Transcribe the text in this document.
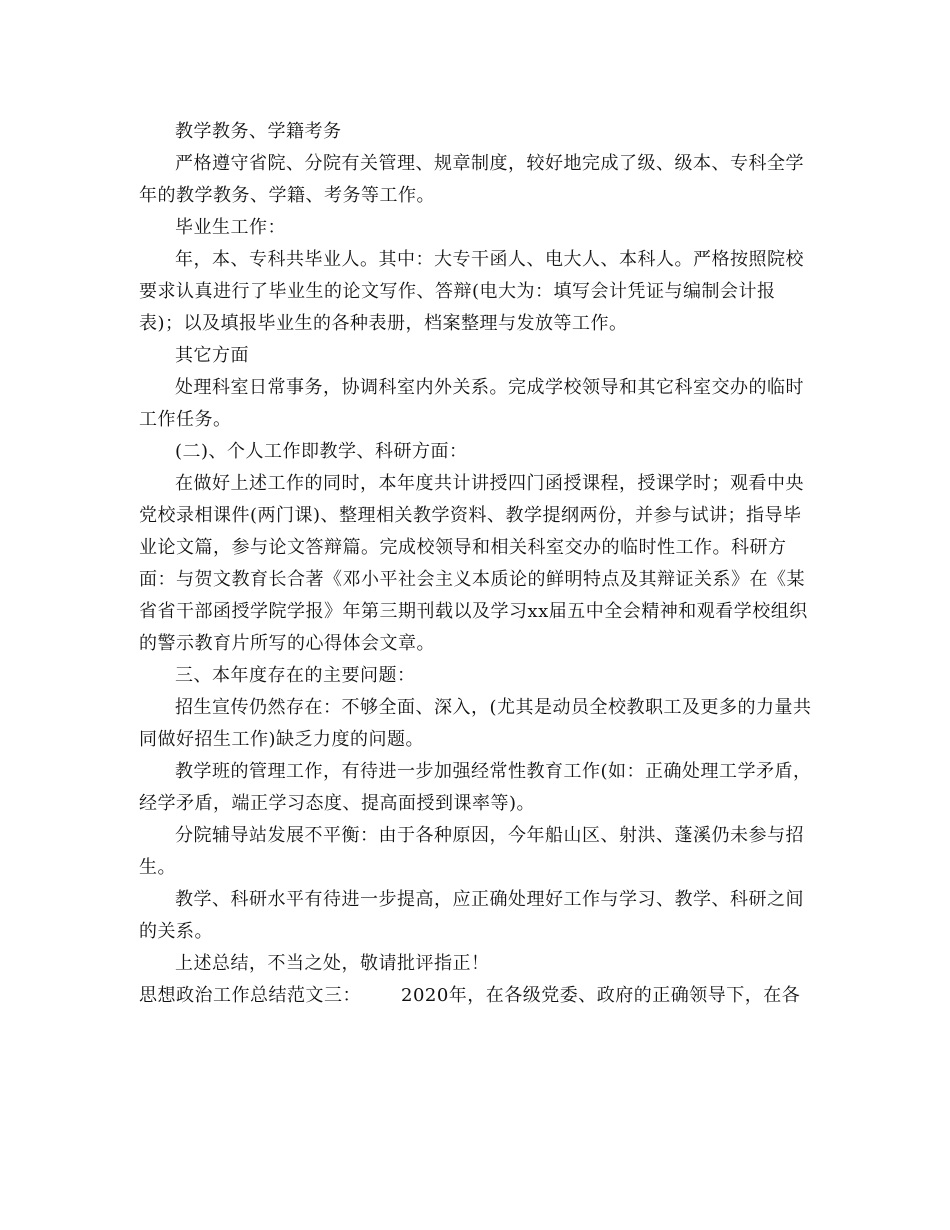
教学教务、学籍考务

严格遵守省院、分院有关管理、规章制度，较好地完成了级、级本、专科全学年的教学教务、学籍、考务等工作。

毕业生工作：

年，本、专科共毕业人。其中：大专干函人、电大人、本科人。严格按照院校要求认真进行了毕业生的论文写作、答辩(电大为：填写会计凭证与编制会计报表)；以及填报毕业生的各种表册，档案整理与发放等工作。

其它方面

处理科室日常事务，协调科室内外关系。完成学校领导和其它科室交办的临时工作任务。

(二)、个人工作即教学、科研方面：

在做好上述工作的同时，本年度共计讲授四门函授课程，授课学时；观看中央党校录相课件(两门课)、整理相关教学资料、教学提纲两份，并参与试讲；指导毕业论文篇，参与论文答辩篇。完成校领导和相关科室交办的临时性工作。科研方面：与贺文教育长合著《邓小平社会主义本质论的鲜明特点及其辩证关系》在《某省省干部函授学院学报》年第三期刊载以及学习xx届五中全会精神和观看学校组织的警示教育片所写的心得体会文章。

三、本年度存在的主要问题：

招生宣传仍然存在：不够全面、深入，(尤其是动员全校教职工及更多的力量共同做好招生工作)缺乏力度的问题。

教学班的管理工作，有待进一步加强经常性教育工作(如：正确处理工学矛盾，经学矛盾，端正学习态度、提高面授到课率等)。

分院辅导站发展不平衡：由于各种原因，今年船山区、射洪、蓬溪仍未参与招生。

教学、科研水平有待进一步提高，应正确处理好工作与学习、教学、科研之间的关系。

上述总结，不当之处，敬请批评指正！

思想政治工作总结范文三： 2020年，在各级党委、政府的正确领导下，在各
